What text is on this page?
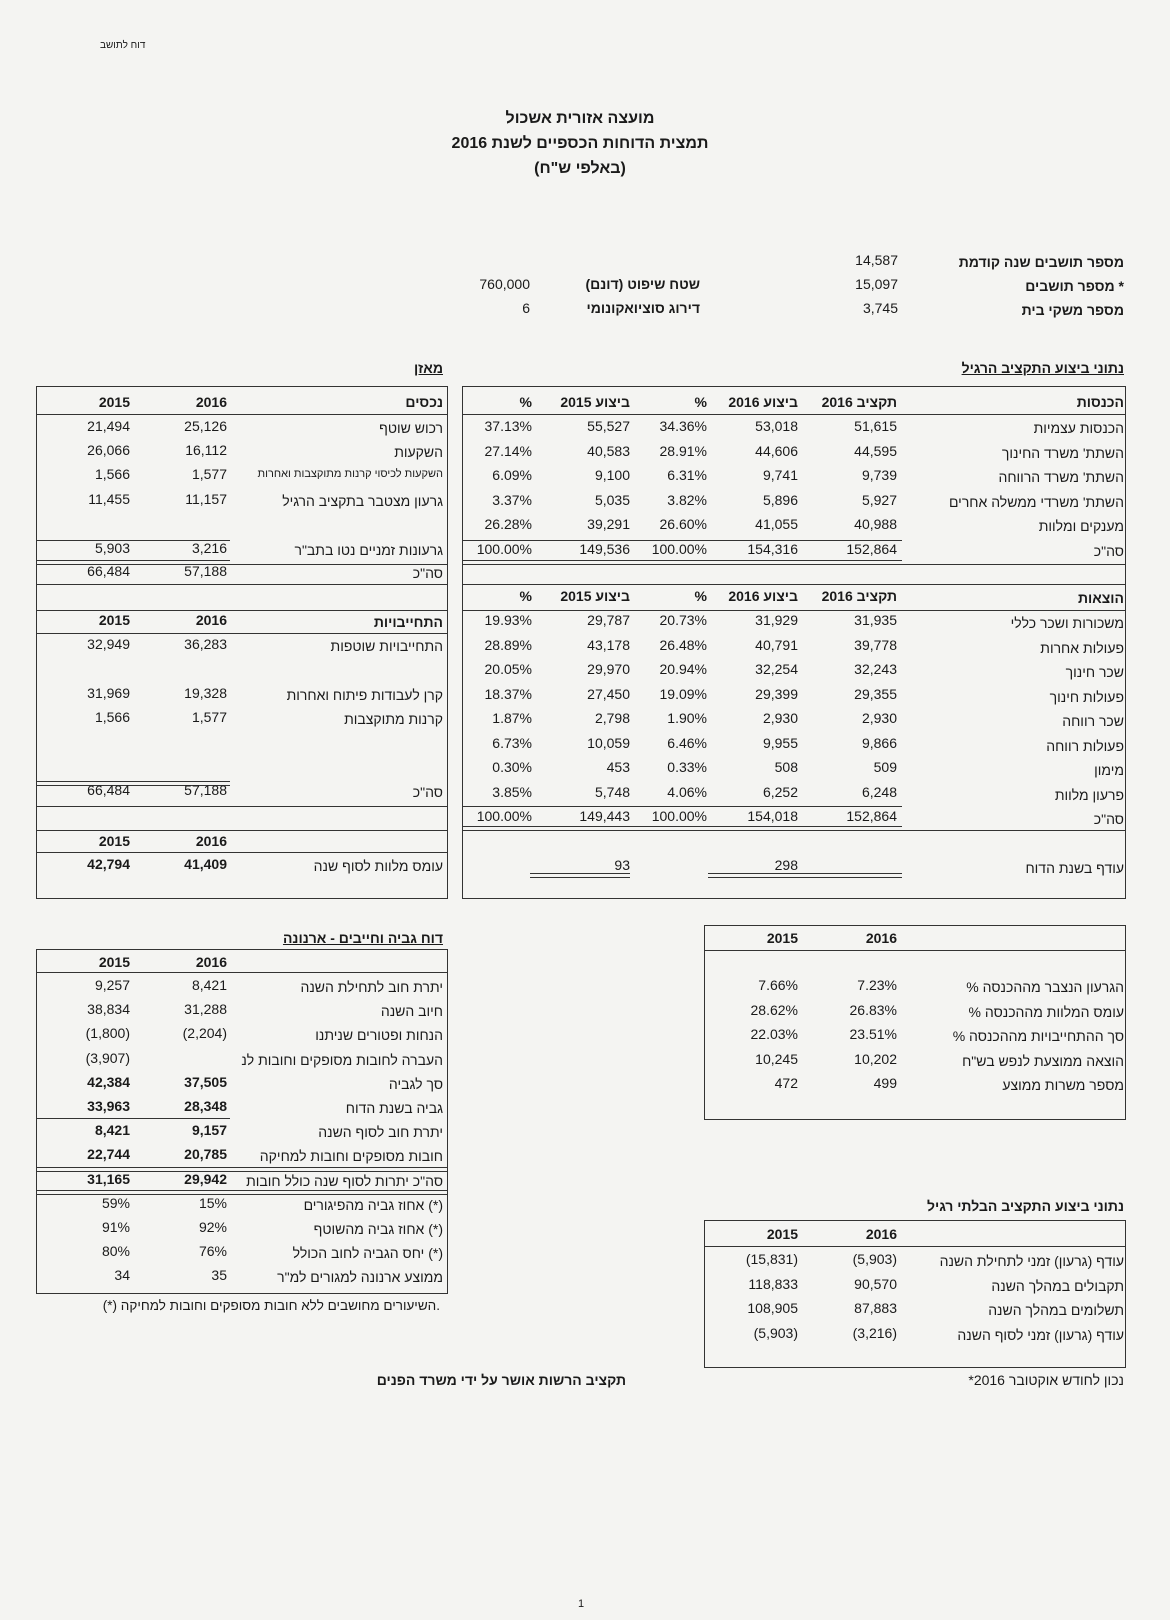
דוח לתושב
מועצה אזורית אשכול
תמצית הדוחות הכספיים לשנת 2016
(באלפי ש"ח)
מספר תושבים שנה קודמת
14,587
מספר תושבים *
15,097
מספר משקי בית
3,745
שטח שיפוט (דונם)
760,000
דירוג סוציואקונומי
6
נתוני ביצוע התקציב הרגיל
מאזן
הכנסות
תקציב 2016
ביצוע 2016
%
ביצוע 2015
%
הכנסות עצמיות
51,615
53,018
34.36%
55,527
37.13%
השתת' משרד החינוך
44,595
44,606
28.91%
40,583
27.14%
השתת' משרד הרווחה
9,739
9,741
6.31%
9,100
6.09%
השתת' משרדי ממשלה אחרים
5,927
5,896
3.82%
5,035
3.37%
מענקים ומלוות
40,988
41,055
26.60%
39,291
26.28%
סה"כ
152,864
154,316
100.00%
149,536
100.00%
הוצאות
תקציב 2016
ביצוע 2016
%
ביצוע 2015
%
משכורות ושכר כללי
31,935
31,929
20.73%
29,787
19.93%
פעולות אחרות
39,778
40,791
26.48%
43,178
28.89%
שכר חינוך
32,243
32,254
20.94%
29,970
20.05%
פעולות חינוך
29,355
29,399
19.09%
27,450
18.37%
שכר רווחה
2,930
2,930
1.90%
2,798
1.87%
פעולות רווחה
9,866
9,955
6.46%
10,059
6.73%
מימון
509
508
0.33%
453
0.30%
פרעון מלוות
6,248
6,252
4.06%
5,748
3.85%
סה"כ
152,864
154,018
100.00%
149,443
100.00%
עודף בשנת הדוח
298
93
נכסים
2016
2015
רכוש שוטף
25,126
21,494
השקעות
16,112
26,066
השקעות לכיסוי קרנות מתוקצבות ואחרות
1,577
1,566
גרעון מצטבר בתקציב הרגיל
11,157
11,455
גרעונות זמניים נטו בתב"ר
3,216
5,903
סה"כ
57,188
66,484
התחייבויות
2016
2015
התחייבויות שוטפות
36,283
32,949
קרן לעבודות פיתוח ואחרות
19,328
31,969
קרנות מתוקצבות
1,577
1,566
סה"כ
57,188
66,484
2016
2015
עומס מלוות לסוף שנה
41,409
42,794
דוח גביה וחייבים - ארנונה
2016
2015
יתרת חוב לתחילת השנה
8,421
9,257
חיוב השנה
31,288
38,834
הנחות ופטורים שניתנו
(2,204)
(1,800)
העברה לחובות מסופקים וחובות לנ
(3,907)
סך לגביה
37,505
42,384
גביה בשנת הדוח
28,348
33,963
יתרת חוב לסוף השנה
9,157
8,421
חובות מסופקים וחובות למחיקה
20,785
22,744
סה"כ יתרות לסוף שנה כולל חובות
29,942
31,165
אחוז גביה מהפיגורים (*)
15%
59%
אחוז גביה מהשוטף (*)
92%
91%
יחס הגביה לחוב הכולל (*)
76%
80%
ממוצע ארנונה למגורים למ"ר
35
34
(*) השיעורים מחושבים ללא חובות מסופקים וחובות למחיקה.
2016
2015
% הגרעון הנצבר מההכנסה
7.23%
7.66%
% עומס המלוות מההכנסה
26.83%
28.62%
% סך ההתחייבויות מההכנסה
23.51%
22.03%
הוצאה ממוצעת לנפש בש"ח
10,202
10,245
מספר משרות ממוצע
499
472
נתוני ביצוע התקציב הבלתי רגיל
2016
2015
עודף (גרעון) זמני לתחילת השנה
(5,903)
(15,831)
תקבולים במהלך השנה
90,570
118,833
תשלומים במהלך השנה
87,883
108,905
עודף (גרעון) זמני לסוף השנה
(3,216)
(5,903)
תקציב הרשות אושר על ידי משרד הפנים	*נכון לחודש אוקטובר 2016
1
